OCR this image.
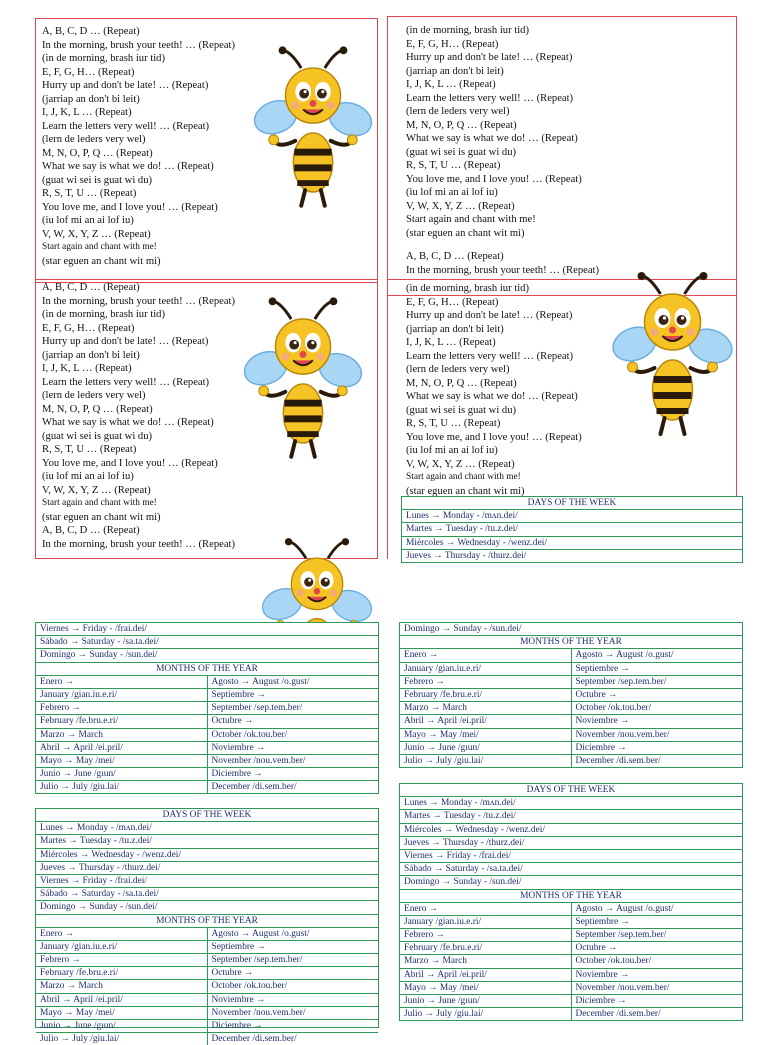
A, B, C, D … (Repeat)
In the morning, brush your teeth! … (Repeat)
(in de morning, brash iur tid)
E, F, G, H… (Repeat)
Hurry up and don't be late! … (Repeat)
(jarriap an don't bi leit)
I, J, K, L … (Repeat)
Learn the letters very well! … (Repeat)
(lern de leders very wel)
M, N, O, P, Q … (Repeat)
What we say is what we do! … (Repeat)
(guat wi sei is guat wi du)
R, S, T, U … (Repeat)
You love me, and I love you! … (Repeat)
(iu lof mi an ai lof iu)
V, W, X, Y, Z … (Repeat)
Start again and chant with me!
(star eguen an chant wit mi)
(in de morning, brash iur tid)
E, F, G, H… (Repeat)
Hurry up and don't be late! … (Repeat)
(jarriap an don't bi leit)
I, J, K, L … (Repeat)
Learn the letters very well! … (Repeat)
(lern de leders very wel)
M, N, O, P, Q … (Repeat)
What we say is what we do! … (Repeat)
(guat wi sei is guat wi du)
R, S, T, U … (Repeat)
You love me, and I love you! … (Repeat)
(iu lof mi an ai lof iu)
V, W, X, Y, Z … (Repeat)
Start again and chant with me!
(star eguen an chant wit mi)
A, B, C, D … (Repeat)
In the morning, brush your teeth! … (Repeat)
A, B, C, D … (Repeat)
In the morning, brush your teeth! … (Repeat)
(in de morning, brash iur tid)
E, F, G, H… (Repeat)
Hurry up and don't be late! … (Repeat)
(jarriap an don't bi leit)
I, J, K, L … (Repeat)
Learn the letters very well! … (Repeat)
(lern de leders very wel)
M, N, O, P, Q … (Repeat)
What we say is what we do! … (Repeat)
(guat wi sei is guat wi du)
R, S, T, U … (Repeat)
You love me, and I love you! … (Repeat)
(iu lof mi an ai lof iu)
V, W, X, Y, Z … (Repeat)
Start again and chant with me!
(star eguen an chant wit mi)
A, B, C, D … (Repeat)
In the morning, brush your teeth! … (Repeat)
(in de morning, brash iur tid)
E, F, G, H… (Repeat)
Hurry up and don't be late! … (Repeat)
(jarriap an don't bi leit)
I, J, K, L … (Repeat)
Learn the letters very well! … (Repeat)
(lern de leders very wel)
M, N, O, P, Q … (Repeat)
What we say is what we do! … (Repeat)
(guat wi sei is guat wi du)
R, S, T, U … (Repeat)
You love me, and I love you! … (Repeat)
(iu lof mi an ai lof iu)
V, W, X, Y, Z … (Repeat)
Start again and chant with me!
(star eguen an chant wit mi)
DAYS OF THE WEEK
Lunes → Monday - /mʌn.dei/
Martes → Tuesday - /tu.z.dei/
Miércoles → Wednesday - /wenz.dei/
Jueves → Thursday - /thurz.dei/
Viernes → Friday - /frai.dei/
Sábado → Saturday - /sa.ta.dei/
Domingo → Sunday - /sun.dei/
MONTHS OF THE YEAR
Enero →	Agosto → August /o.gust/
January /gian.iu.e.ri/	Septiembre →
Febrero →	September /sep.tem.ber/
February /fe.bru.e.ri/	Octubre →
Marzo → March	October /ok.tou.ber/
Abril → April /ei.pril/	Noviembre →
Mayo → May /mei/	November /nou.vem.ber/
Junio → June /gıun/	Diciembre →
Julio → July /giu.lai/	December /di.sem.ber/
Domingo → Sunday - /sun.dei/
MONTHS OF THE YEAR
Enero →	Agosto → August /o.gust/
January /gian.iu.e.ri/	Septiembre →
Febrero →	September /sep.tem.ber/
February /fe.bru.e.ri/	Octubre →
Marzo → March	October /ok.tou.ber/
Abril → April /ei.pril/	Noviembre →
Mayo → May /mei/	November /nou.vem.ber/
Junio → June /gıun/	Diciembre →
Julio → July /giu.lai/	December /di.sem.ber/
DAYS OF THE WEEK
Lunes → Monday - /mʌn.dei/
Martes → Tuesday - /tu.z.dei/
Miércoles → Wednesday - /wenz.dei/
Jueves → Thursday - /thurz.dei/
Viernes → Friday - /frai.dei/
Sábado → Saturday - /sa.ta.dei/
Domingo → Sunday - /sun.dei/
MONTHS OF THE YEAR
Enero →	Agosto → August /o.gust/
January /gian.iu.e.ri/	Septiembre →
Febrero →	September /sep.tem.ber/
February /fe.bru.e.ri/	Octubre →
Marzo → March	October /ok.tou.ber/
Abril → April /ei.pril/	Noviembre →
Mayo → May /mei/	November /nou.vem.ber/
Junio → June /gıun/	Diciembre →
Julio → July /giu.lai/	December /di.sem.ber/
DAYS OF THE WEEK
Lunes → Monday - /mʌn.dei/
Martes → Tuesday - /tu.z.dei/
Miércoles → Wednesday - /wenz.dei/
Jueves → Thursday - /thurz.dei/
Viernes → Friday - /frai.dei/
Sábado → Saturday - /sa.ta.dei/
Domingo → Sunday - /sun.dei/
MONTHS OF THE YEAR
Enero →	Agosto → August /o.gust/
January /gian.iu.e.ri/	Septiembre →
Febrero →	September /sep.tem.ber/
February /fe.bru.e.ri/	Octubre →
Marzo → March	October /ok.tou.ber/
Abril → April /ei.pril/	Noviembre →
Mayo → May /mei/	November /nou.vem.ber/
Junio → June /gıun/	Diciembre →
Julio → July /giu.lai/	December /di.sem.ber/
